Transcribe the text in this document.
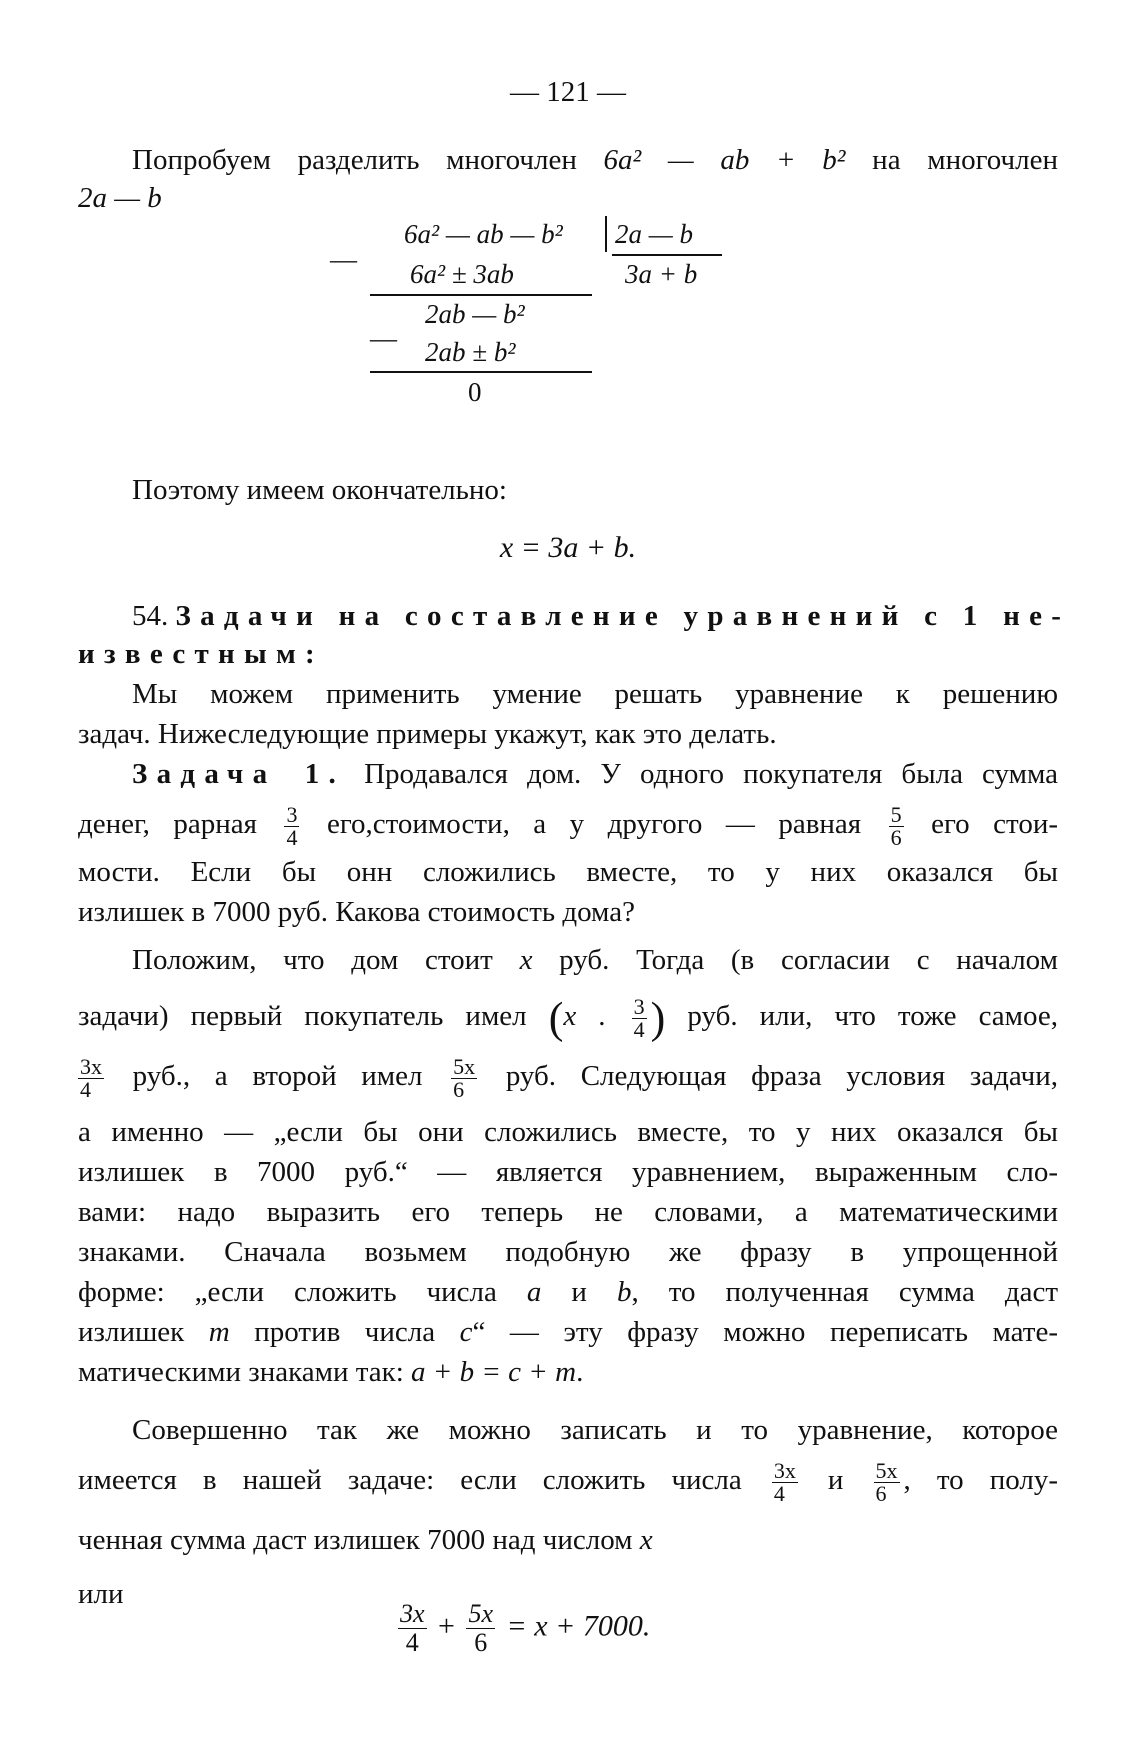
— 121 —
Попробуем разделить многочлен 6a² — ab + b² на многочлен
2a — b
—
6a² — ab — b² 2a — b
6a² ± 3ab	3a + b
2ab — b²
— 2ab ± b²
0
Поэтому имеем окончательно:
x = 3a + b.
54. Задачи на составление уравнений с 1 не-
известным:
Мы можем применить умение решать уравнение к решению
задач. Нижеследующие примеры укажут, как это делать.
Задача 1. Продавался дом. У одного покупателя была сумма
денег, рарная $\frac{3}{4}$ его,стоимости, а у другого — равная $\frac{5}{6}$ его стои-
мости. Если бы онн сложились вместе, то у них оказался бы
излишек в 7000 руб. Какова стоимость дома?
Положим, что дом стоит x руб. Тогда (в согласии с началом
задачи) первый покупатель имел (x . $\frac{3}{4}$ ) руб. или, что тоже самое,
$\frac{3x}{4}$ руб., а второй имел $\frac{5x}{6}$ руб. Следующая фраза условия задачи,
а именно — „если бы они сложились вместе, то у них оказался бы
излишек в 7000 руб.“ — является уравнением, выраженным сло-
вами: надо выразить его теперь не словами, а математическими
знаками. Сначала возьмем подобную же фразу в упрощенной
форме: „если сложить числа a и b, то полученная сумма даст
излишек m против числа c“ — эту фразу можно переписать мате-
матическими знаками так: a + b = c + m.
Совершенно так же можно записать и то уравнение, которое
имеется в нашей задаче: если сложить числа $\frac{3x}{4}$ и $\frac{5x}{6}$ , то полу-
ченная сумма даст излишек 7000 над числом x
или
$\frac{3x}{4} + \frac{5x}{6} = x + 7000$.
